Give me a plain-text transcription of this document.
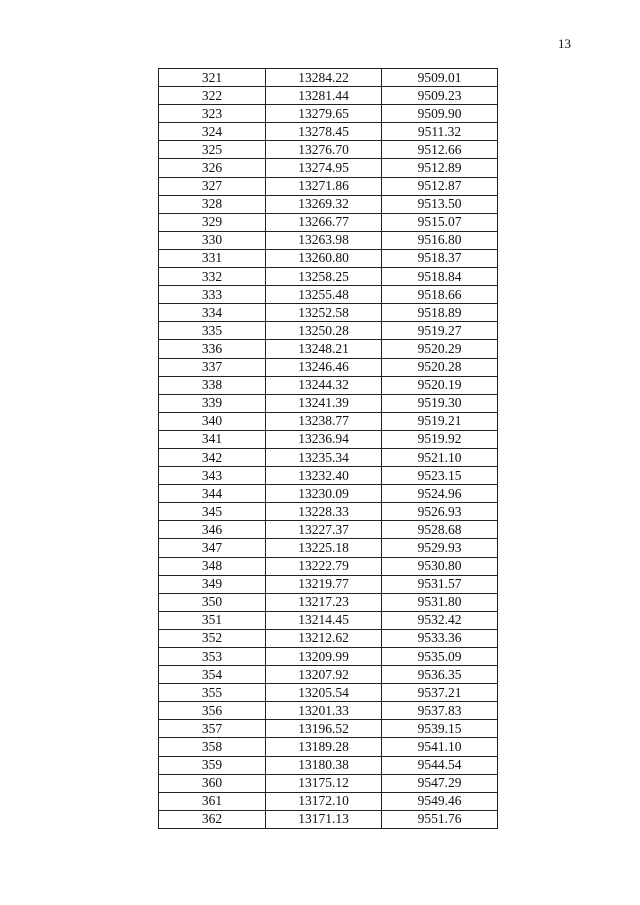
13
321	13284.22	9509.01
322	13281.44	9509.23
323	13279.65	9509.90
324	13278.45	9511.32
325	13276.70	9512.66
326	13274.95	9512.89
327	13271.86	9512.87
328	13269.32	9513.50
329	13266.77	9515.07
330	13263.98	9516.80
331	13260.80	9518.37
332	13258.25	9518.84
333	13255.48	9518.66
334	13252.58	9518.89
335	13250.28	9519.27
336	13248.21	9520.29
337	13246.46	9520.28
338	13244.32	9520.19
339	13241.39	9519.30
340	13238.77	9519.21
341	13236.94	9519.92
342	13235.34	9521.10
343	13232.40	9523.15
344	13230.09	9524.96
345	13228.33	9526.93
346	13227.37	9528.68
347	13225.18	9529.93
348	13222.79	9530.80
349	13219.77	9531.57
350	13217.23	9531.80
351	13214.45	9532.42
352	13212.62	9533.36
353	13209.99	9535.09
354	13207.92	9536.35
355	13205.54	9537.21
356	13201.33	9537.83
357	13196.52	9539.15
358	13189.28	9541.10
359	13180.38	9544.54
360	13175.12	9547.29
361	13172.10	9549.46
362	13171.13	9551.76
